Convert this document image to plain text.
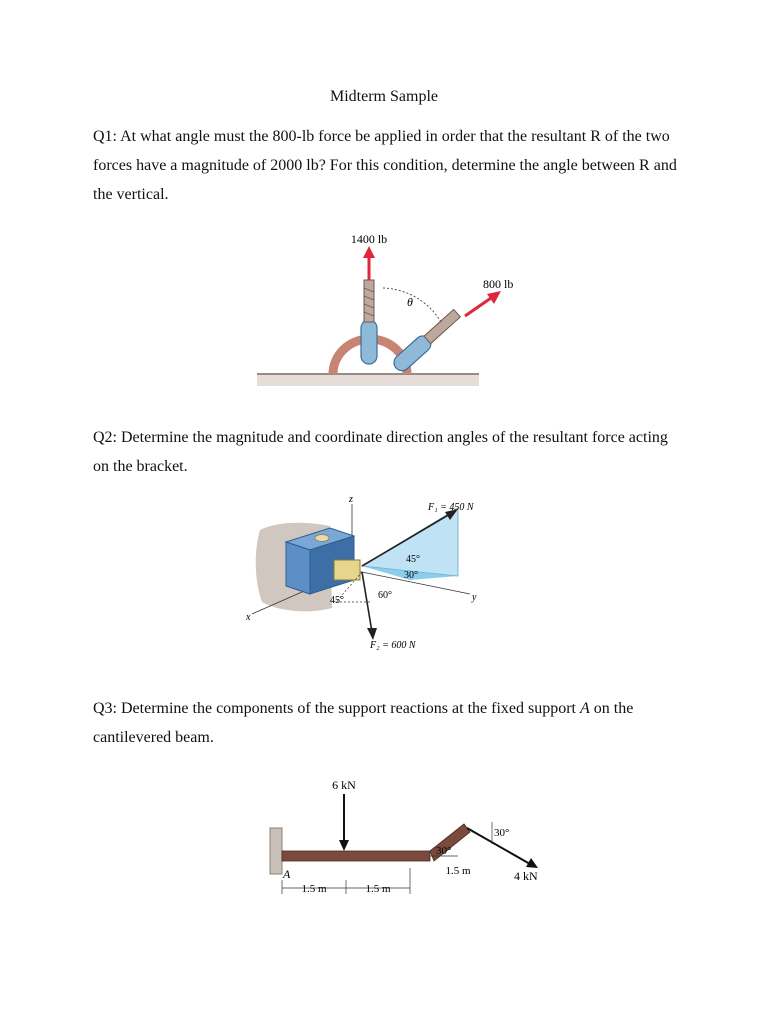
Midterm Sample

Q1: At what angle must the 800-lb force be applied in order that the resultant R of the two forces have a magnitude of 2000 lb? For this condition, determine the angle between R and the vertical.

1400 lb
800 lb
θ

Q2: Determine the magnitude and coordinate direction angles of the resultant force acting on the bracket.

z
x
y
F₁ = 450 N
45°
30°
45°	60°
F₂ = 600 N

Q3: Determine the components of the support reactions at the fixed support A on the cantilevered beam.

6 kN
4 kN
30°
30°
A
1.5 m	1.5 m
1.5 m
